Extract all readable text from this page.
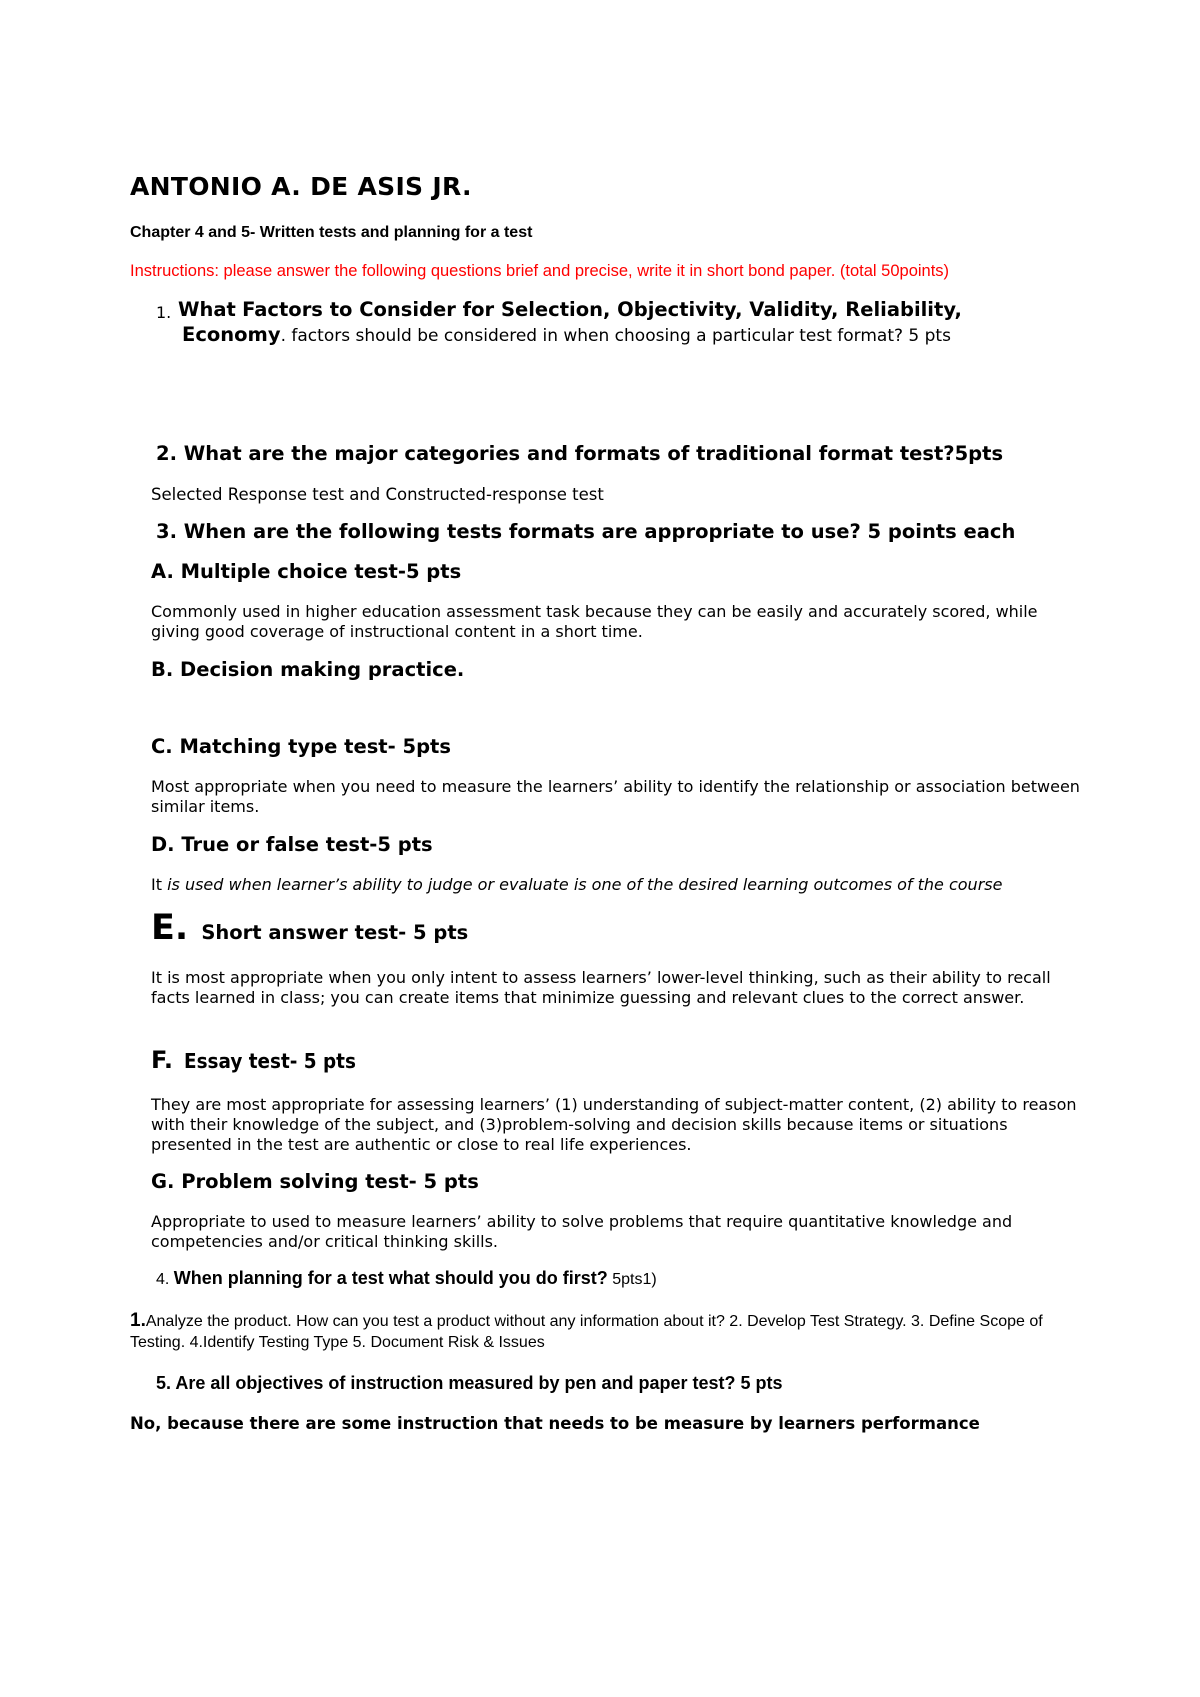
ANTONIO A. DE ASIS JR.

Chapter 4 and 5- Written tests and planning for a test

Instructions: please answer the following questions brief and precise, write it in short bond paper. (total 50points)

1. What Factors to Consider for Selection, Objectivity, Validity, Reliability,

Economy. factors should be considered in when choosing a particular test format? 5 pts

2. What are the major categories and formats of traditional format test?5pts

Selected Response test and Constructed-response test

3. When are the following tests formats are appropriate to use? 5 points each

A. Multiple choice test-5 pts

Commonly used in higher education assessment task because they can be easily and accurately scored, while giving good coverage of instructional content in a short time.

B. Decision making practice.

C. Matching type test- 5pts

Most appropriate when you need to measure the learners’ ability to identify the relationship or association between similar items.

D. True or false test-5 pts

It is used when learner’s ability to judge or evaluate is one of the desired learning outcomes of the course

E. Short answer test- 5 pts

It is most appropriate when you only intent to assess learners’ lower-level thinking, such as their ability to recall facts learned in class; you can create items that minimize guessing and relevant clues to the correct answer.

F. Essay test- 5 pts

They are most appropriate for assessing learners’ (1) understanding of subject-matter content, (2) ability to reason with their knowledge of the subject, and (3)problem-solving and decision skills because items or situations presented in the test are authentic or close to real life experiences.

G. Problem solving test- 5 pts

Appropriate to used to measure learners’ ability to solve problems that require quantitative knowledge and competencies and/or critical thinking skills.

4. When planning for a test what should you do first? 5pts1)

1.Analyze the product. How can you test a product without any information about it? 2. Develop Test Strategy. 3. Define Scope of Testing. 4.Identify Testing Type 5. Document Risk & Issues

5. Are all objectives of instruction measured by pen and paper test? 5 pts

No, because there are some instruction that needs to be measure by learners performance
